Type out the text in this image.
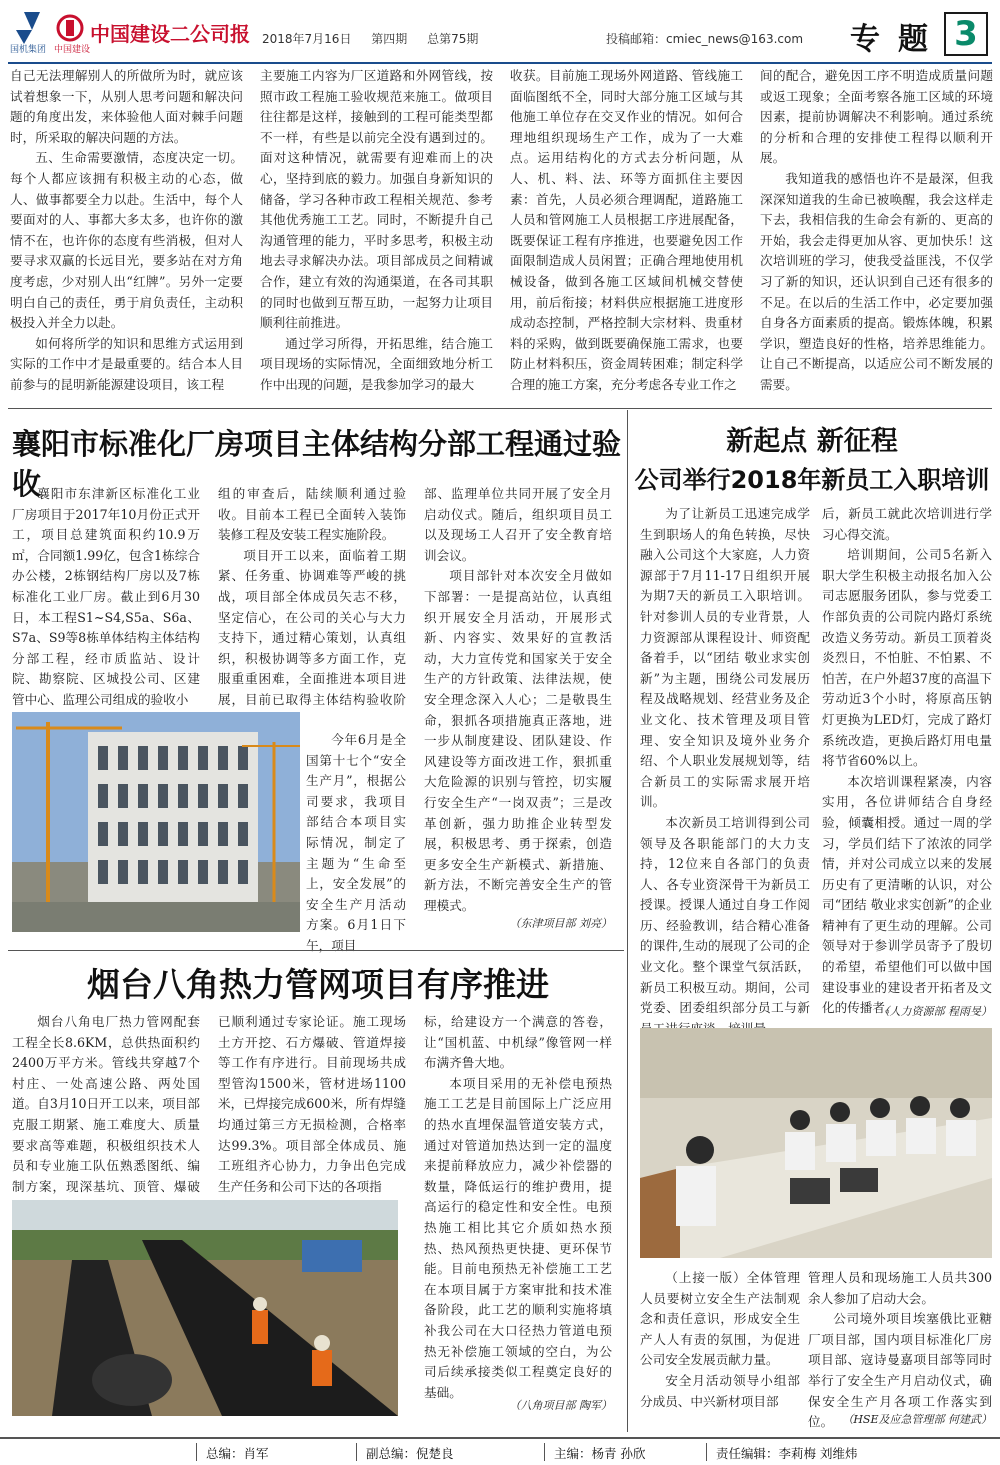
国机集团 中国建设
中国建设二公司报 2018年7月16日 第四期 总第75期	投稿邮箱：cmiec_news@163.com 专题 3

自己无法理解别人的所做所为时，就应该试着想象一下，从别人思考问题和解决问题的角度出发，来体验他人面对棘手问题时，所采取的解决问题的方法。

五、生命需要激情，态度决定一切。每个人都应该拥有积极主动的心态，做人、做事都要全力以赴。生活中，每个人要面对的人、事都大多太多，也许你的激情不在，也许你的态度有些消极，但对人要寻求双赢的长远目光，要多站在对方角度考虑，少对别人出“红牌”。另外一定要明白自己的责任，勇于肩负责任，主动积极投入并全力以赴。

如何将所学的知识和思维方式运用到实际的工作中才是最重要的。结合本人目前参与的昆明新能源建设项目，该工程

主要施工内容为厂区道路和外网管线，按照市政工程施工验收规范来施工。做项目往往都是这样，接触到的工程可能类型都不一样，有些是以前完全没有遇到过的。面对这种情况，就需要有迎难而上的决心，坚持到底的毅力。加强自身新知识的储备，学习各种市政工程相关规范、参考其他优秀施工工艺。同时，不断提升自己沟通管理的能力，平时多思考，积极主动地去寻求解决办法。项目部成员之间精诚合作，建立有效的沟通渠道，在各司其职的同时也做到互帮互助，一起努力让项目顺利往前推进。

通过学习所得，开拓思维，结合施工项目现场的实际情况，全面细致地分析工作中出现的问题，是我参加学习的最大

收获。目前施工现场外网道路、管线施工面临图纸不全，同时大部分施工区域与其他施工单位存在交叉作业的情况。如何合理地组织现场生产工作，成为了一大难点。运用结构化的方式去分析问题，从人、机、料、法、环等方面抓住主要因素：首先，人员必须合理调配，道路施工人员和管网施工人员根据工序进展配备，既要保证工程有序推进，也要避免因工作面限制造成人员闲置；正确合理地使用机械设备，做到各施工区域间机械交替使用，前后衔接；材料供应根据施工进度形成动态控制，严格控制大宗材料、贵重材料的采购，做到既要确保施工需求，也要防止材料积压，资金周转困难；制定科学合理的施工方案，充分考虑各专业工作之

间的配合，避免因工序不明造成质量问题或返工现象；全面考察各施工区域的环境因素，提前协调解决不利影响。通过系统的分析和合理的安排使工程得以顺利开展。

我知道我的感悟也许不是最深，但我深深知道我的生命已被唤醒，我会这样走下去，我相信我的生命会有新的、更高的开始，我会走得更加从容、更加快乐！这次培训班的学习，使我受益匪浅，不仅学习了新的知识，还认识到自己还有很多的不足。在以后的生活工作中，必定要加强自身各方面素质的提高。锻炼体魄，积累学识，塑造良好的性格，培养思维能力。让自己不断提高，以适应公司不断发展的需要。

襄阳市标准化厂房项目主体结构分部工程通过验收

襄阳市东津新区标准化工业厂房项目于2017年10月份正式开工，项目总建筑面积约10.9万㎡，合同额1.99亿，包含1栋综合办公楼，2栋钢结构厂房以及7栋标准化工业厂房。截止到6月30日，本工程S1~S4,S5a、S6a、S7a、S9等8栋单体结构主体结构分部工程，经市质监站、设计院、勘察院、区城投公司、区建管中心、监理公司组成的验收小

组的审查后，陆续顺利通过验收。目前本工程已全面转入装饰装修工程及安装工程实施阶段。

项目开工以来，面临着工期紧、任务重、协调难等严峻的挑战，项目部全体成员矢志不移，坚定信心，在公司的关心与大力支持下，通过精心策划，认真组织，积极协调等多方面工作，克服重重困难，全面推进本项目进展，目前已取得主体结构验收阶

今年6月是全国第十七个“安全生产月”，根据公司要求，我项目部结合本项目实际情况，制定了主题为“生命至上，安全发展”的安全生产月活动方案。6月1日下午，项目

部、监理单位共同开展了安全月启动仪式。随后，组织项目员工以及现场工人召开了安全教育培训会议。

项目部针对本次安全月做如下部署：一是提高站位，认真组织开展安全月活动，开展形式新、内容实、效果好的宣教活动，大力宣传党和国家关于安全生产的方针政策、法律法规，使安全理念深入人心；二是敬畏生命，狠抓各项措施真正落地，进一步从制度建设、团队建设、作风建设等方面改进工作，狠抓重大危险源的识别与管控，切实履行安全生产“一岗双责”；三是改革创新，强力助推企业转型发展，积极思考、勇于探索，创造更多安全生产新模式、新措施、新方法，不断完善安全生产的管理模式。

（东津项目部 刘亮）

烟台八角热力管网项目有序推进

烟台八角电厂热力管网配套工程全长8.6KM，总供热面积约2400万平方米。管线共穿越7个村庄、一处高速公路、两处国道。自3月10日开工以来，项目部克服工期紧、施工难度大、质量要求高等难题，积极组织技术人员和专业施工队伍熟悉图纸、编制方案，现深基坑、顶管、爆破

已顺利通过专家论证。施工现场土方开挖、石方爆破、管道焊接等工作有序进行。目前现场共成型管沟1500米，管材进场1100米，已焊接完成600米，所有焊缝均通过第三方无损检测，合格率达99.3%。项目部全体成员、施工班组齐心协力，力争出色完成生产任务和公司下达的各项指

标，给建设方一个满意的答卷，让“国机蓝、中机绿”像管网一样布满齐鲁大地。

本项目采用的无补偿电预热施工工艺是目前国际上广泛应用的热水直埋保温管道安装方式，通过对管道加热达到一定的温度来提前释放应力，减少补偿器的数量，降低运行的维护费用，提高运行的稳定性和安全性。电预热施工相比其它介质如热水预热、热风预热更快捷、更环保节能。目前电预热无补偿施工工艺在本项目属于方案审批和技术准备阶段，此工艺的顺利实施将填补我公司在大口径热力管道电预热无补偿施工领域的空白，为公司后续承接类似工程奠定良好的基础。

（八角项目部 陶军）

新起点 新征程
公司举行2018年新员工入职培训

为了让新员工迅速完成学生到职场人的角色转换，尽快融入公司这个大家庭，人力资源部于7月11-17日组织开展为期7天的新员工入职培训。针对参训人员的专业背景，人力资源部从课程设计、师资配备着手，以“团结 敬业求实创新”为主题，围绕公司发展历程及战略规划、经营业务及企业文化、技术管理及项目管理、安全知识及境外业务介绍、个人职业发展规划等，结合新员工的实际需求展开培训。

本次新员工培训得到公司领导及各职能部门的大力支持，12位来自各部门的负责人、各专业资深骨干为新员工授课。授课人通过自身工作阅历、经验教训，结合精心准备的课件,生动的展现了公司的企业文化。整个课堂气氛活跃，新员工积极互动。期间，公司党委、团委组织部分员工与新

后，新员工就此次培训进行学习心得交流。

培训期间，公司5名新入职大学生积极主动报名加入公司志愿服务团队，参与党委工作部负责的公司院内路灯系统改造义务劳动。新员工顶着炎炎烈日，不怕脏、不怕累、不怕苦，在户外超37度的高温下劳动近3个小时，将原高压钠灯更换为LED灯，完成了路灯系统改造，更换后路灯用电量将节省60%以上。

本次培训课程紧凑，内容实用，各位讲师结合自身经验，倾囊相授。通过一周的学习，学员们结下了浓浓的同学情，并对公司成立以来的发展历史有了更清晰的认识，对公司“团结 敬业求实创新”的企业精神有了更生动的理解。公司领导对于参训学员寄予了殷切的希望，希望他们可以做中国建设事业的建设者开拓者及文化的传播者。

（人力资源部 程雨旻）

（上接一版）全体管理人员要树立安全生产法制观念和责任意识，形成安全生产人人有责的氛围，为促进公司安全发展贡献力量。

安全月活动领导小组部分成员、中兴新材项目部

管理人员和现场施工人员共300余人参加了启动大会。

公司境外项目埃塞俄比亚糖厂项目部，国内项目标准化厂房项目部、寇诗曼嘉项目部等同时举行了安全生产月启动仪式，确保安全生产月各项工作落实到位。 （HSE及应急管理部 何建武）

总编：肖军	副总编：倪楚良	主编：杨青 孙欣	责任编辑：李莉梅 刘维炜
